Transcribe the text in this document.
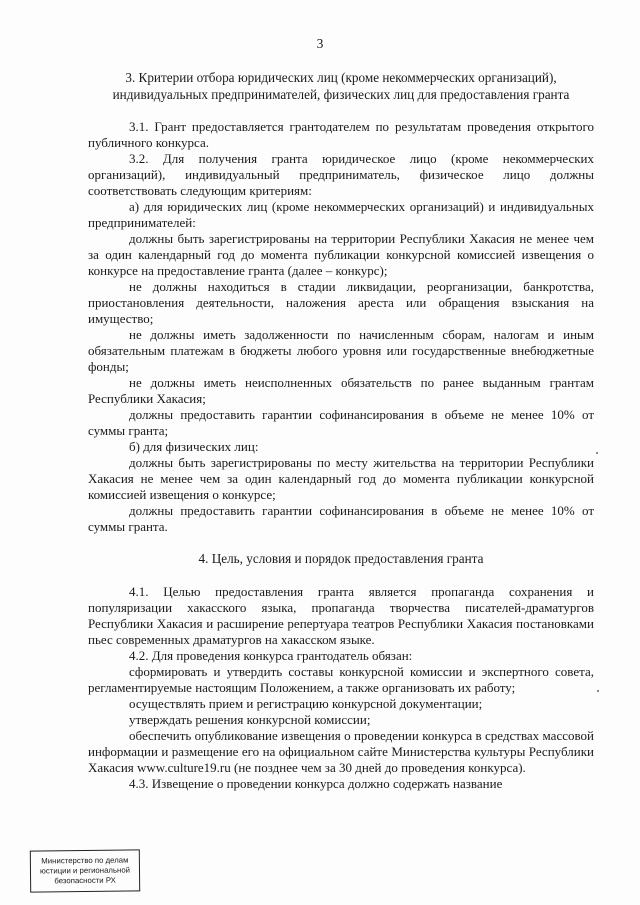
3
3. Критерии отбора юридических лиц (кроме некоммерческих организаций),
индивидуальных предпринимателей, физических лиц для предоставления гранта

3.1. Грант предоставляется грантодателем по результатам проведения открытого публичного конкурса.

3.2. Для получения гранта юридическое лицо (кроме некоммерческих организаций), индивидуальный предприниматель, физическое лицо должны соответствовать следующим критериям:

а) для юридических лиц (кроме некоммерческих организаций) и индивидуальных предпринимателей:

должны быть зарегистрированы на территории Республики Хакасия не менее чем за один календарный год до момента публикации конкурсной комиссией извещения о конкурсе на предоставление гранта (далее – конкурс);

не должны находиться в стадии ликвидации, реорганизации, банкротства, приостановления деятельности, наложения ареста или обращения взыскания на имущество;

не должны иметь задолженности по начисленным сборам, налогам и иным обязательным платежам в бюджеты любого уровня или государственные внебюджетные фонды;

не должны иметь неисполненных обязательств по ранее выданным грантам Республики Хакасия;

должны предоставить гарантии софинансирования в объеме не менее 10% от суммы гранта;

б) для физических лиц:

должны быть зарегистрированы по месту жительства на территории Республики Хакасия не менее чем за один календарный год до момента публикации конкурсной комиссией извещения о конкурсе;

должны предоставить гарантии софинансирования в объеме не менее 10% от суммы гранта.

4. Цель, условия и порядок предоставления гранта

4.1. Целью предоставления гранта является пропаганда сохранения и популяризации хакасского языка, пропаганда творчества писателей-драматургов Республики Хакасия и расширение репертуара театров Республики Хакасия постановками пьес современных драматургов на хакасском языке.

4.2. Для проведения конкурса грантодатель обязан:

сформировать и утвердить составы конкурсной комиссии и экспертного совета, регламентируемые настоящим Положением, а также организовать их работу;

осуществлять прием и регистрацию конкурсной документации;

утверждать решения конкурсной комиссии;

обеспечить опубликование извещения о проведении конкурса в средствах массовой информации и размещение его на официальном сайте Министерства культуры Республики Хакасия www.culture19.ru (не позднее чем за 30 дней до проведения конкурса).

4.3. Извещение о проведении конкурса должно содержать название

Министерство по делам
юстиции и региональной
безопасности РХ
